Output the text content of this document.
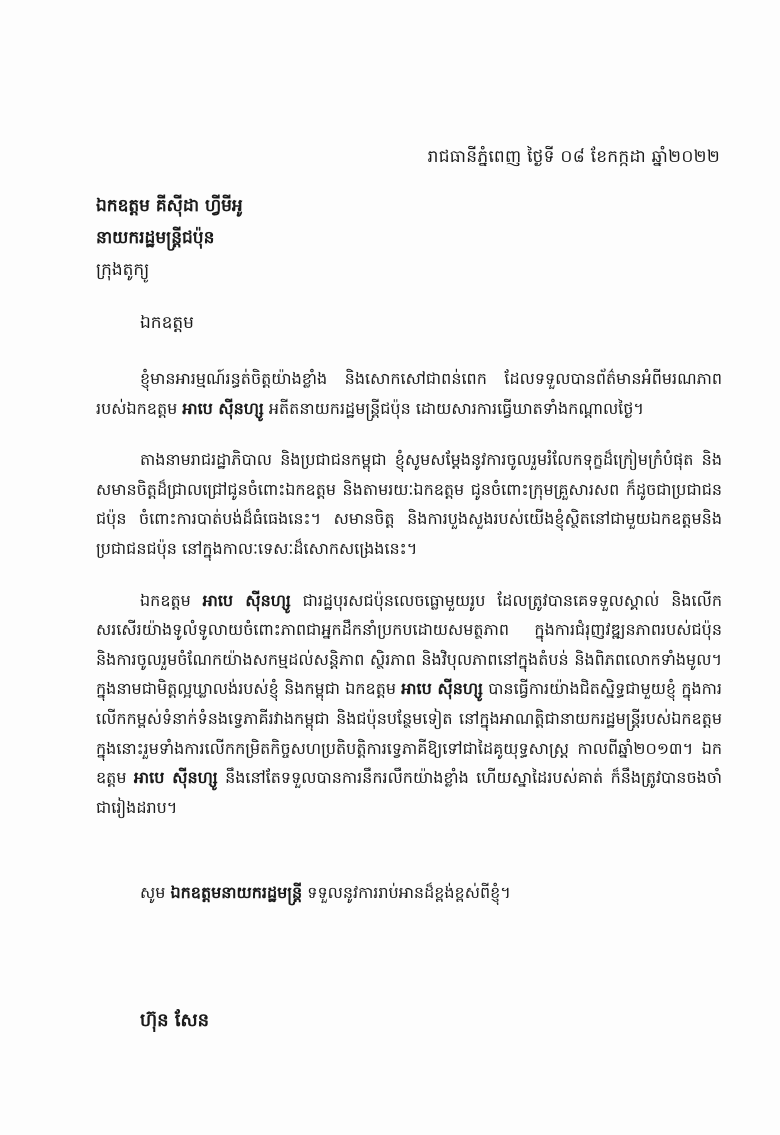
រាជធានីភ្នំពេញ ថ្ងៃទី ០៨ ខែកក្កដា ឆ្នាំ២០២២
ឯកឧត្តម គីស៊ីដា ហ្វីមីអូ
នាយករដ្ឋមន្ត្រីជប៉ុន
ក្រុងតូក្យូ
ឯកឧត្តម

ខ្ញុំមានអារម្មណ៍រន្ធត់ចិត្តយ៉ាងខ្លាំង និងសោកសៅជាពន់ពេក ដែលទទួលបានព័ត៌មានអំពីមរណភាពរបស់ឯកឧត្តម អាបេ ស៊ីនហ្សូ អតីតនាយករដ្ឋមន្ត្រីជប៉ុន ដោយសារការធ្វើឃាតទាំងកណ្ដាលថ្ងៃ។

តាងនាមរាជរដ្ឋាភិបាល និងប្រជាជនកម្ពុជា ខ្ញុំសូមសម្ដែងនូវការចូលរួមរំលែកទុក្ខដ៏ក្រៀមក្រំបំផុត និងសមានចិត្តដ៏ជ្រាលជ្រៅជូនចំពោះឯកឧត្តម និងតាមរយៈឯកឧត្តម ជូនចំពោះក្រុមគ្រួសារសព ក៏ដូចជាប្រជាជនជប៉ុន ចំពោះការបាត់បង់ដ៏ធំធេងនេះ។ សមានចិត្ត និងការបួងសួងរបស់យើងខ្ញុំស្ថិតនៅជាមួយឯកឧត្តមនិងប្រជាជនជប៉ុន នៅក្នុងកាលៈទេសៈដ៏សោកសង្រេងនេះ។

ឯកឧត្តម អាបេ ស៊ីនហ្សូ ជារដ្ឋបុរសជប៉ុនលេចធ្លោមួយរូប ដែលត្រូវបានគេទទួលស្គាល់ និងលើកសរសើរយ៉ាងទូលំទូលាយចំពោះភាពជាអ្នកដឹកនាំប្រកបដោយសមត្ថភាព ក្នុងការជំរុញវឌ្ឍនភាពរបស់ជប៉ុន និងការចូលរួមចំណែកយ៉ាងសកម្មដល់សន្តិភាព ស្ថិរភាព និងវិបុលភាពនៅក្នុងតំបន់ និងពិភពលោកទាំងមូល។ ក្នុងនាមជាមិត្តល្អឃ្លាលង់របស់ខ្ញុំ និងកម្ពុជា ឯកឧត្តម អាបេ ស៊ីនហ្សូ បានធ្វើការយ៉ាងជិតស្និទ្ធជាមួយខ្ញុំ ក្នុងការលើកកម្ពស់ទំនាក់ទំនងទ្វេភាគីរវាងកម្ពុជា និងជប៉ុនបន្ថែមទៀត នៅក្នុងអាណត្តិជានាយករដ្ឋមន្ត្រីរបស់ឯកឧត្តម ក្នុងនោះរួមទាំងការលើកកម្រិតកិច្ចសហប្រតិបត្តិការទ្វេភាគីឱ្យទៅជាដៃគូយុទ្ធសាស្ត្រ កាលពីឆ្នាំ២០១៣។ ឯកឧត្តម អាបេ ស៊ីនហ្សូ នឹងនៅតែទទួលបានការនឹករលឹកយ៉ាងខ្លាំង ហើយស្នាដៃរបស់គាត់ ក៏នឹងត្រូវបានចងចាំជារៀងដរាប។

សូម ឯកឧត្តមនាយករដ្ឋមន្ត្រី ទទួលនូវការរាប់អានដ៏ខ្ពង់ខ្ពស់ពីខ្ញុំ។
ហ៊ុន សែន
